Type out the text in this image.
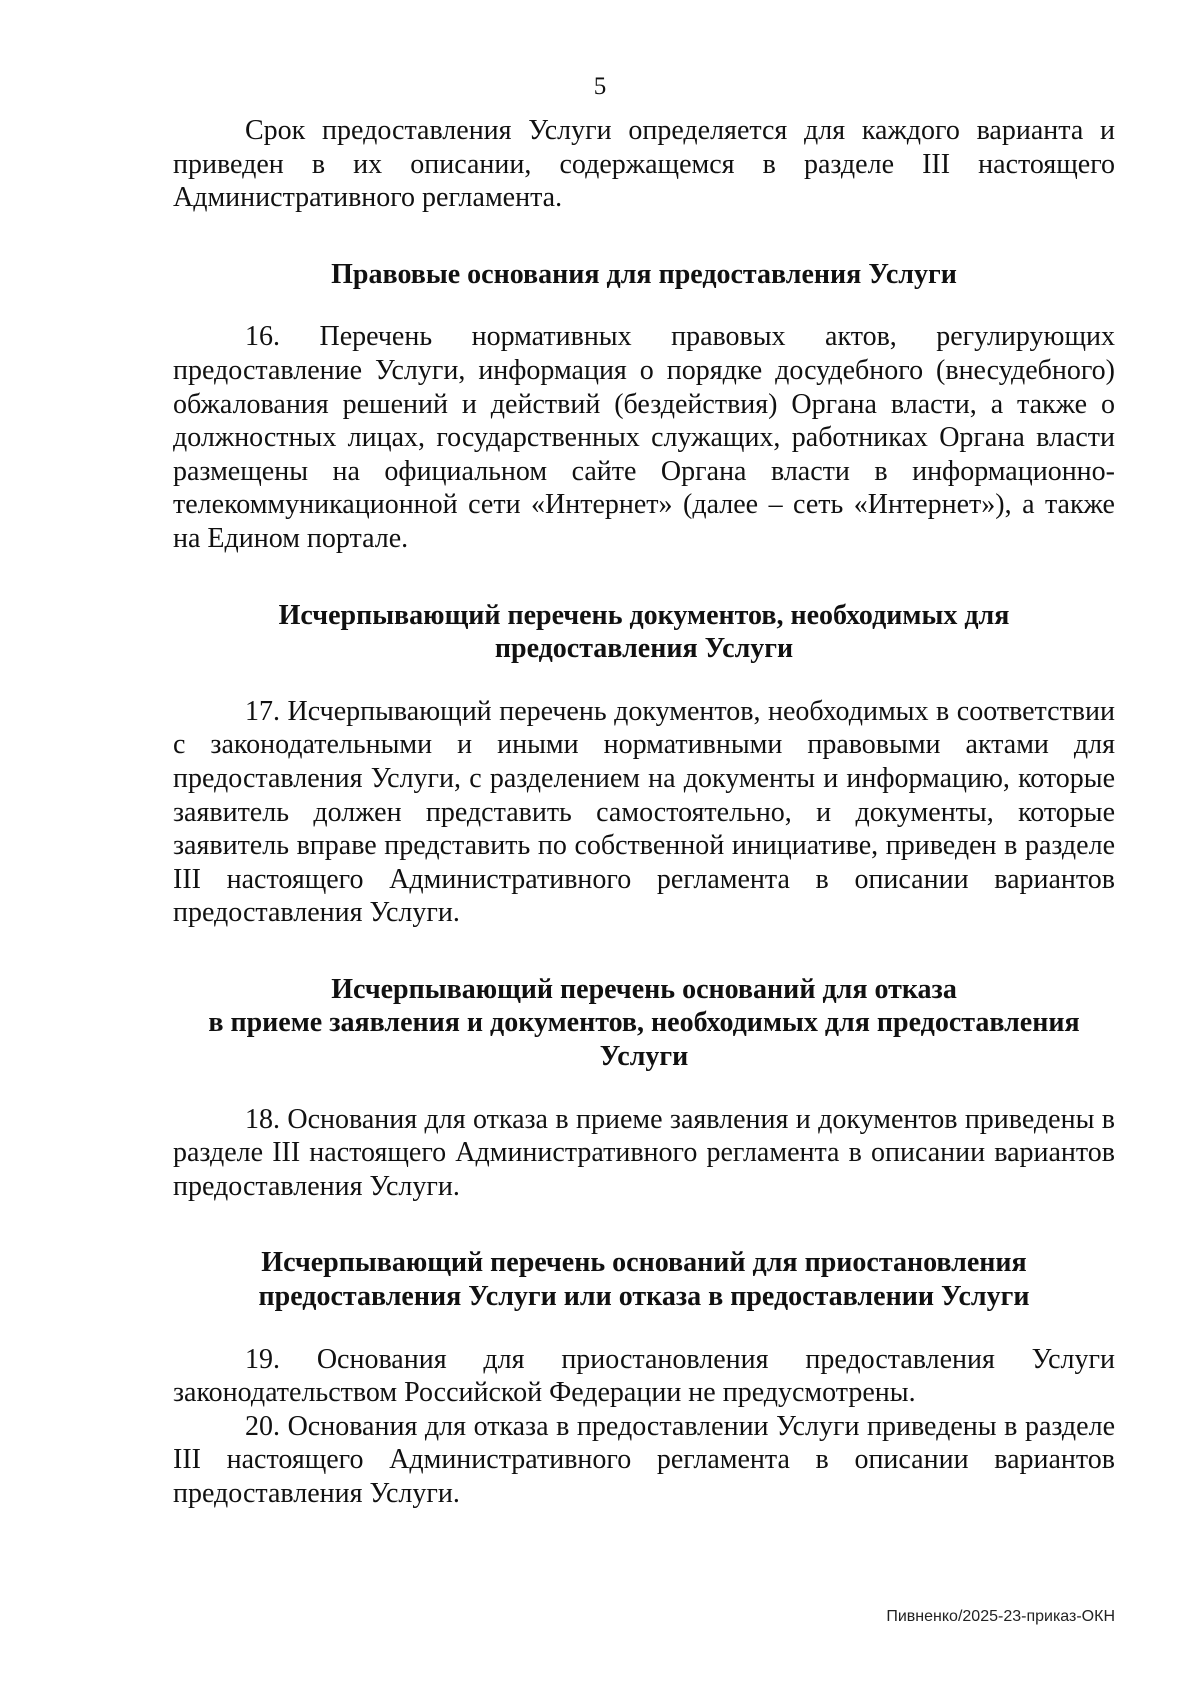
5

Срок предоставления Услуги определяется для каждого варианта и приведен в их описании, содержащемся в разделе III настоящего Административного регламента.

Правовые основания для предоставления Услуги

16. Перечень нормативных правовых актов, регулирующих предоставление Услуги, информация о порядке досудебного (внесудебного) обжалования решений и действий (бездействия) Органа власти, а также о должностных лицах, государственных служащих, работниках Органа власти размещены на официальном сайте Органа власти в информационно-телекоммуникационной сети «Интернет» (далее – сеть «Интернет»), а также на Едином портале.

Исчерпывающий перечень документов, необходимых для
предоставления Услуги

17. Исчерпывающий перечень документов, необходимых в соответствии с законодательными и иными нормативными правовыми актами для предоставления Услуги, с разделением на документы и информацию, которые заявитель должен представить самостоятельно, и документы, которые заявитель вправе представить по собственной инициативе, приведен в разделе III настоящего Административного регламента в описании вариантов предоставления Услуги.

Исчерпывающий перечень оснований для отказа
в приеме заявления и документов, необходимых для предоставления
Услуги

18. Основания для отказа в приеме заявления и документов приведены в разделе III настоящего Административного регламента в описании вариантов предоставления Услуги.

Исчерпывающий перечень оснований для приостановления
предоставления Услуги или отказа в предоставлении Услуги

19. Основания для приостановления предоставления Услуги законодательством Российской Федерации не предусмотрены.

20. Основания для отказа в предоставлении Услуги приведены в разделе III настоящего Административного регламента в описании вариантов предоставления Услуги.

Пивненко/2025-23-приказ-ОКН
